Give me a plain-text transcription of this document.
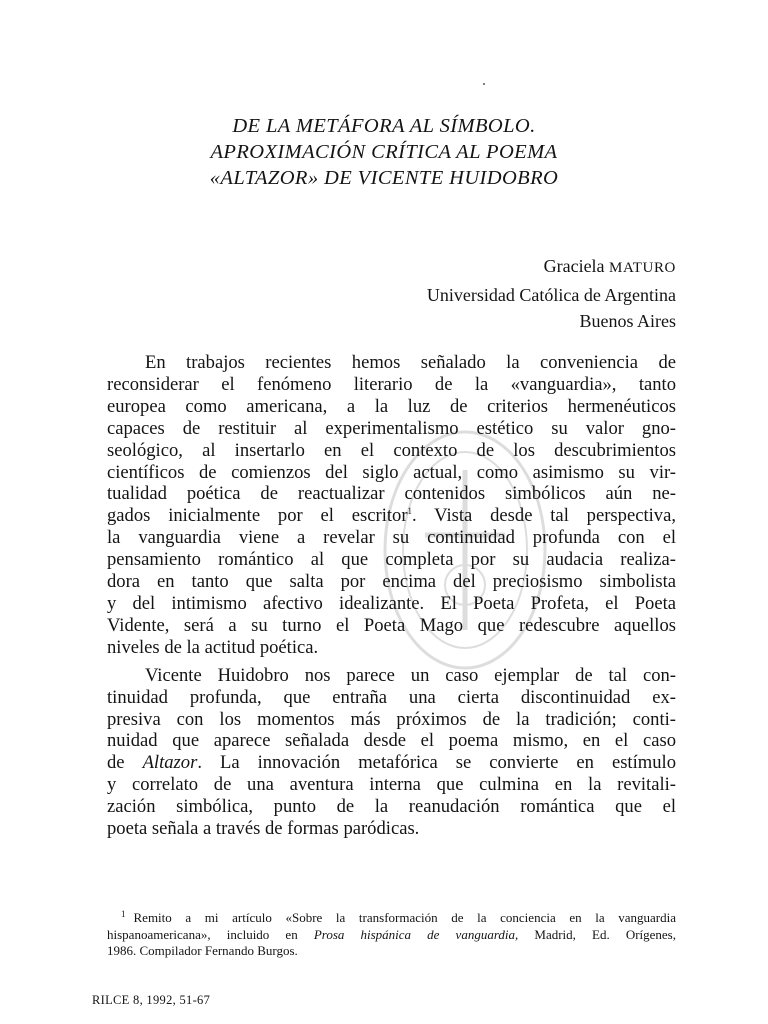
DE LA METÁFORA AL SÍMBOLO.
APROXIMACIÓN CRÍTICA AL POEMA
«ALTAZOR» DE VICENTE HUIDOBRO
Graciela MATURO
Universidad Católica de Argentina
Buenos Aires

En trabajos recientes hemos señalado la conveniencia de
reconsiderar el fenómeno literario de la «vanguardia», tanto
europea como americana, a la luz de criterios hermenéuticos
capaces de restituir al experimentalismo estético su valor gno-
seológico, al insertarlo en el contexto de los descubrimientos
científicos de comienzos del siglo actual, como asimismo su vir-
tualidad poética de reactualizar contenidos simbólicos aún ne-
gados inicialmente por el escritor$^1$. Vista desde tal perspectiva,
la vanguardia viene a revelar su continuidad profunda con el
pensamiento romántico al que completa por su audacia realiza-
dora en tanto que salta por encima del preciosismo simbolista
y del intimismo afectivo idealizante. El Poeta Profeta, el Poeta
Vidente, será a su turno el Poeta Mago que redescubre aquellos
niveles de la actitud poética.

Vicente Huidobro nos parece un caso ejemplar de tal con-
tinuidad profunda, que entraña una cierta discontinuidad ex-
presiva con los momentos más próximos de la tradición; conti-
nuidad que aparece señalada desde el poema mismo, en el caso
de Altazor. La innovación metafórica se convierte en estímulo
y correlato de una aventura interna que culmina en la revitali-
zación simbólica, punto de la reanudación romántica que el
poeta señala a través de formas paródicas.

$^1$ Remito a mi artículo «Sobre la transformación de la conciencia en la vanguardia
hispanoamericana», incluido en Prosa hispánica de vanguardia, Madrid, Ed. Orígenes,
1986. Compilador Fernando Burgos.
RILCE 8, 1992, 51-67
